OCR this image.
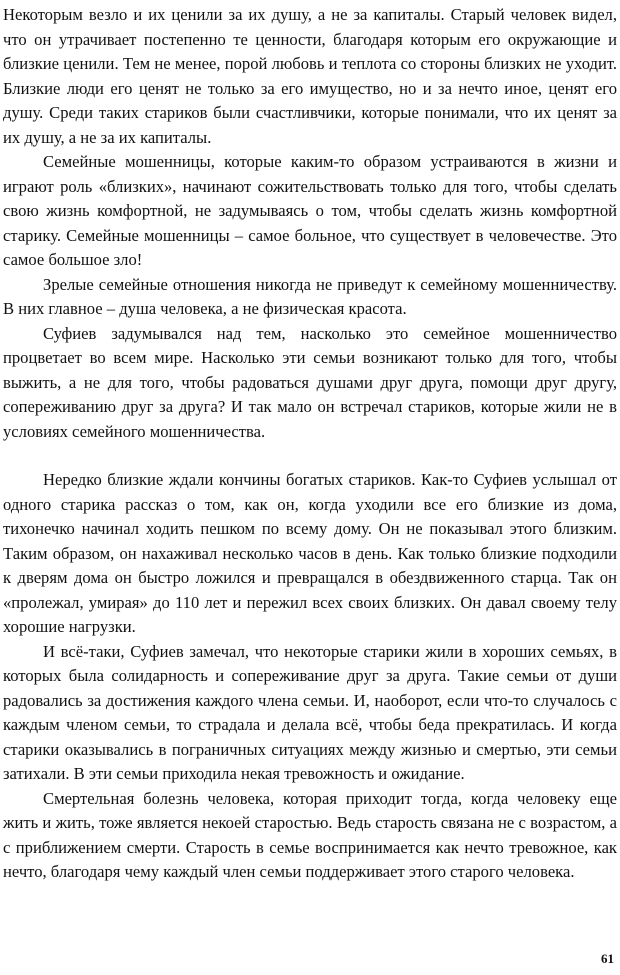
Некоторым везло и их ценили за их душу, а не за капиталы. Старый человек видел, что он утрачивает постепенно те ценности, благодаря которым его окружающие и близкие ценили. Тем не менее, порой любовь и теплота со стороны близких не уходит. Близкие люди его ценят не только за его имущество, но и за нечто иное, ценят его душу. Среди таких стариков были счастливчики, которые понимали, что их ценят за их душу, а не за их капиталы.

Семейные мошенницы, которые каким-то образом устраиваются в жизни и играют роль «близких», начинают сожительствовать только для того, чтобы сделать свою жизнь комфортной, не задумываясь о том, чтобы сделать жизнь комфортной старику. Семейные мошенницы – самое больное, что существует в человечестве. Это самое большое зло!

Зрелые семейные отношения никогда не приведут к семейному мошенничеству. В них главное – душа человека, а не физическая красота.

Суфиев задумывался над тем, насколько это семейное мошенничество процветает во всем мире. Насколько эти семьи возникают только для того, чтобы выжить, а не для того, чтобы радоваться душами друг друга, помощи друг другу, сопереживанию друг за друга? И так мало он встречал стариков, которые жили не в условиях семейного мошенничества.

Нередко близкие ждали кончины богатых стариков. Как-то Суфиев услышал от одного старика рассказ о том, как он, когда уходили все его близкие из дома, тихонечко начинал ходить пешком по всему дому. Он не показывал этого близким. Таким образом, он нахаживал несколько часов в день. Как только близкие подходили к дверям дома он быстро ложился и превращался в обездвиженного старца. Так он «пролежал, умирая» до 110 лет и пережил всех своих близких. Он давал своему телу хорошие нагрузки.

И всё-таки, Суфиев замечал, что некоторые старики жили в хороших семьях, в которых была солидарность и сопереживание друг за друга. Такие семьи от души радовались за достижения каждого члена семьи. И, наоборот, если что-то случалось с каждым членом семьи, то страдала и делала всё, чтобы беда прекратилась. И когда старики оказывались в пограничных ситуациях между жизнью и смертью, эти семьи затихали. В эти семьи приходила некая тревожность и ожидание.

Смертельная болезнь человека, которая приходит тогда, когда человеку еще жить и жить, тоже является некоей старостью. Ведь старость связана не с возрастом, а с приближением смерти. Старость в семье воспринимается как нечто тревожное, как нечто, благодаря чему каждый член семьи поддерживает этого старого человека.

61
